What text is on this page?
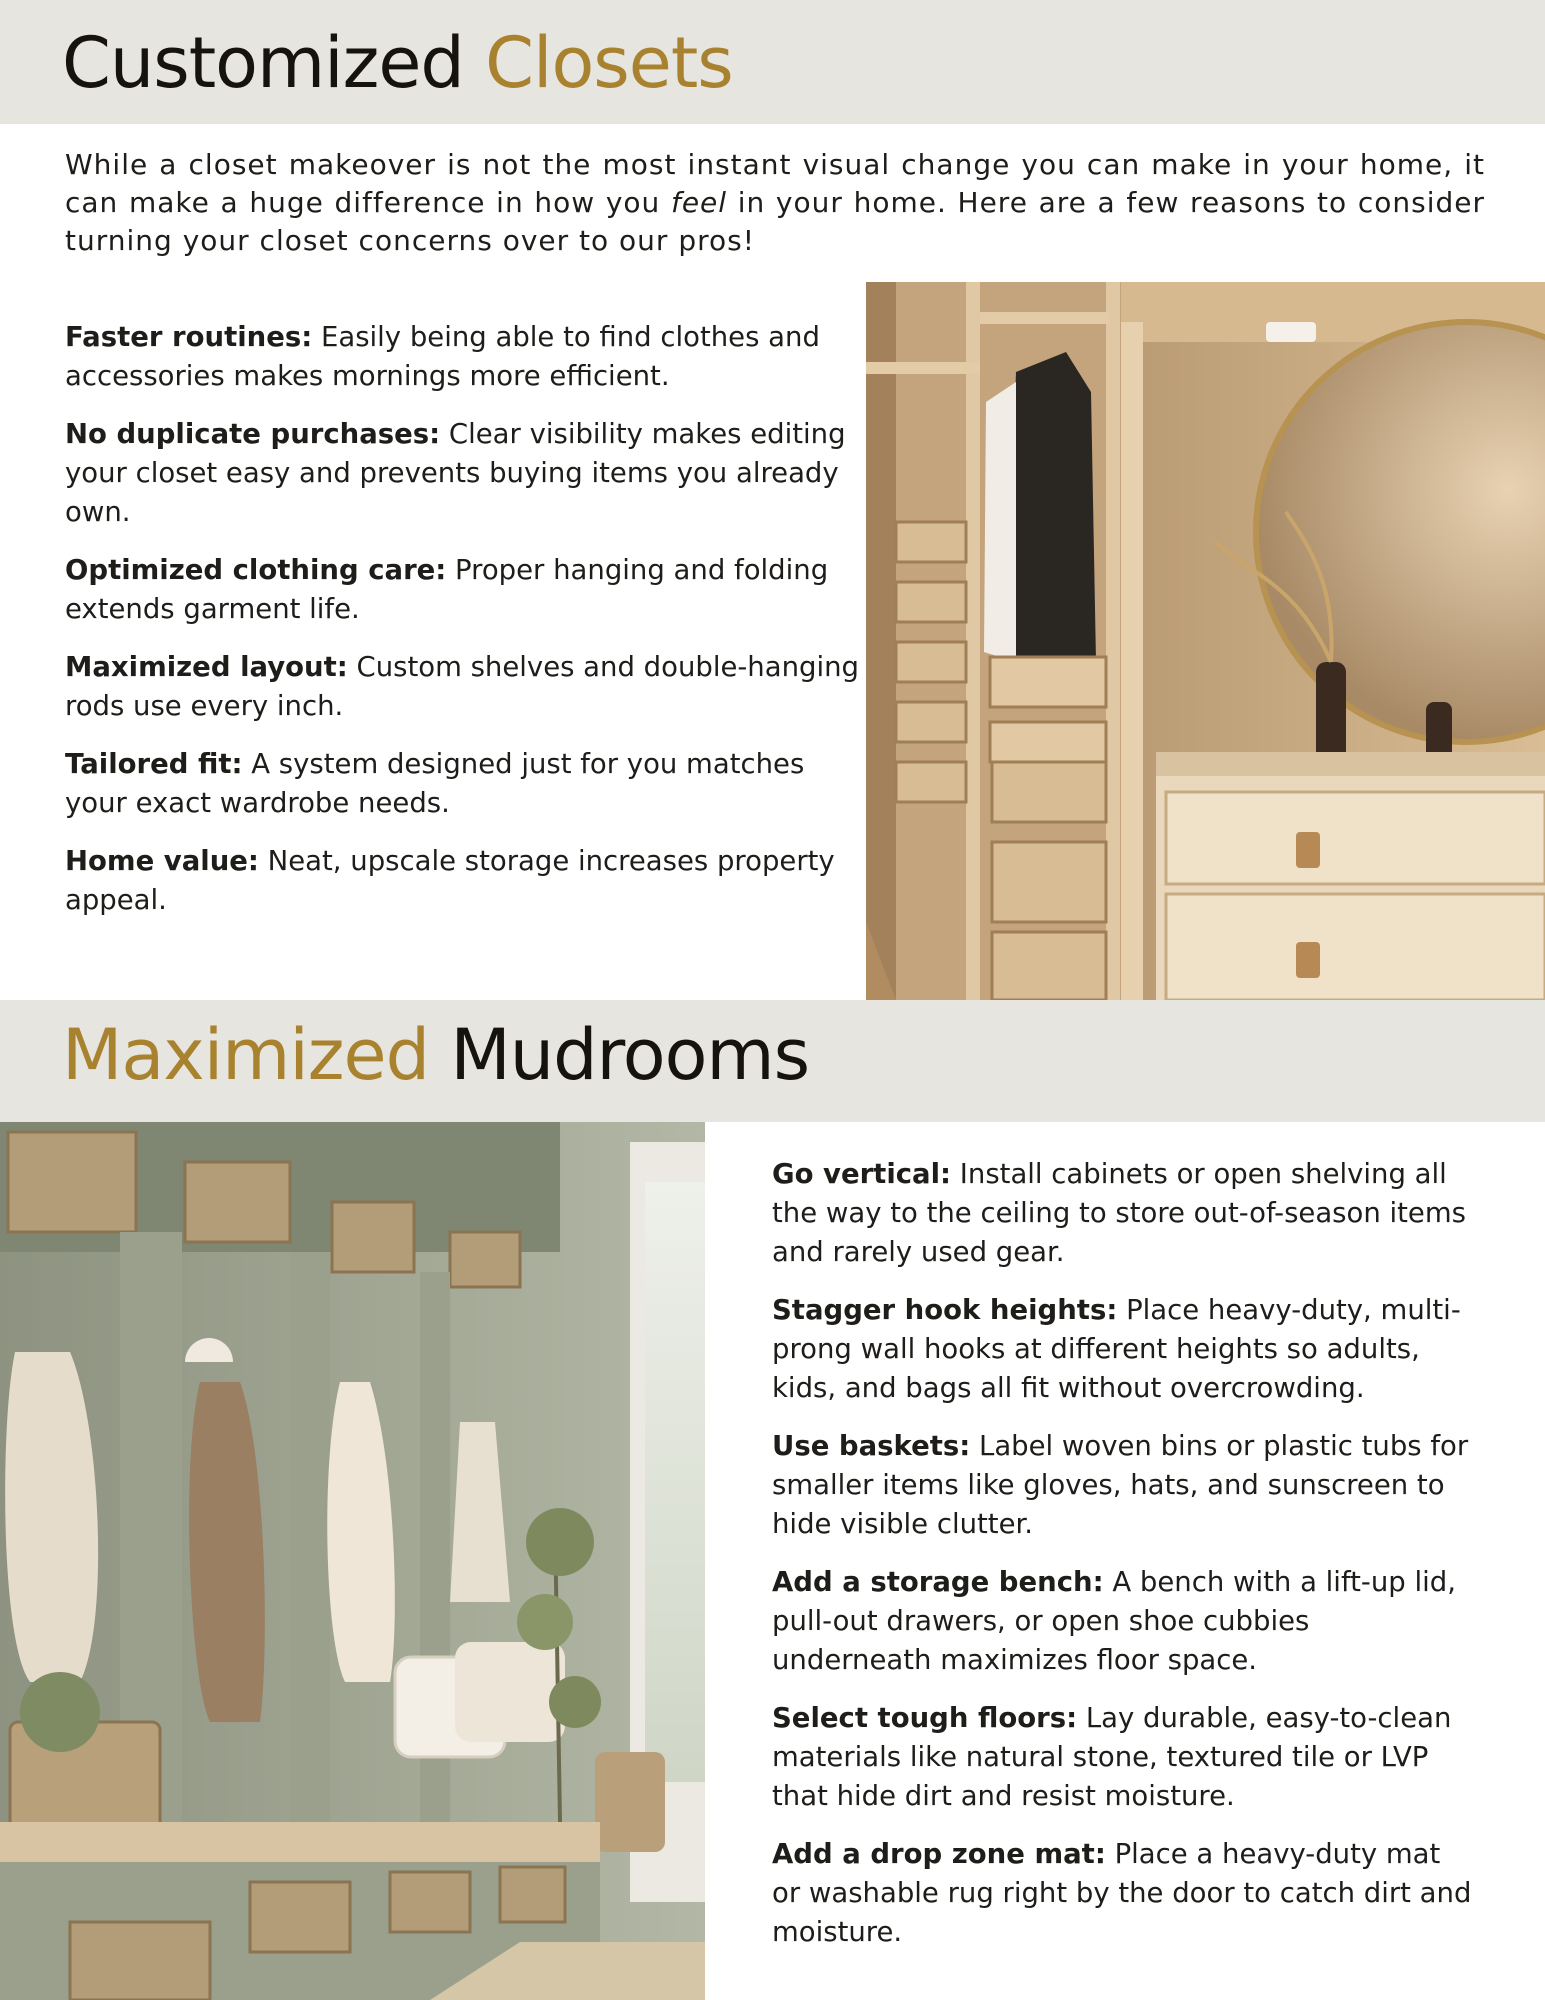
Customized Closets

While a closet makeover is not the most instant visual change you can make in your home, it can make a huge difference in how you feel in your home. Here are a few reasons to consider turning your closet concerns over to our pros!

Faster routines: Easily being able to find clothes and accessories makes mornings more efficient.
No duplicate purchases: Clear visibility makes editing your closet easy and prevents buying items you already own.
Optimized clothing care: Proper hanging and folding extends garment life.
Maximized layout: Custom shelves and double-hanging rods use every inch.
Tailored fit: A system designed just for you matches your exact wardrobe needs.
Home value: Neat, upscale storage increases property appeal.
Maximized Mudrooms
Go vertical: Install cabinets or open shelving all the way to the ceiling to store out-of-season items and rarely used gear.
Stagger hook heights: Place heavy-duty, multi-prong wall hooks at different heights so adults, kids, and bags all fit without overcrowding.
Use baskets: Label woven bins or plastic tubs for smaller items like gloves, hats, and sunscreen to hide visible clutter.
Add a storage bench: A bench with a lift-up lid, pull-out drawers, or open shoe cubbies underneath maximizes floor space.
Select tough floors: Lay durable, easy-to-clean materials like natural stone, textured tile or LVP that hide dirt and resist moisture.
Add a drop zone mat: Place a heavy-duty mat or washable rug right by the door to catch dirt and moisture.
